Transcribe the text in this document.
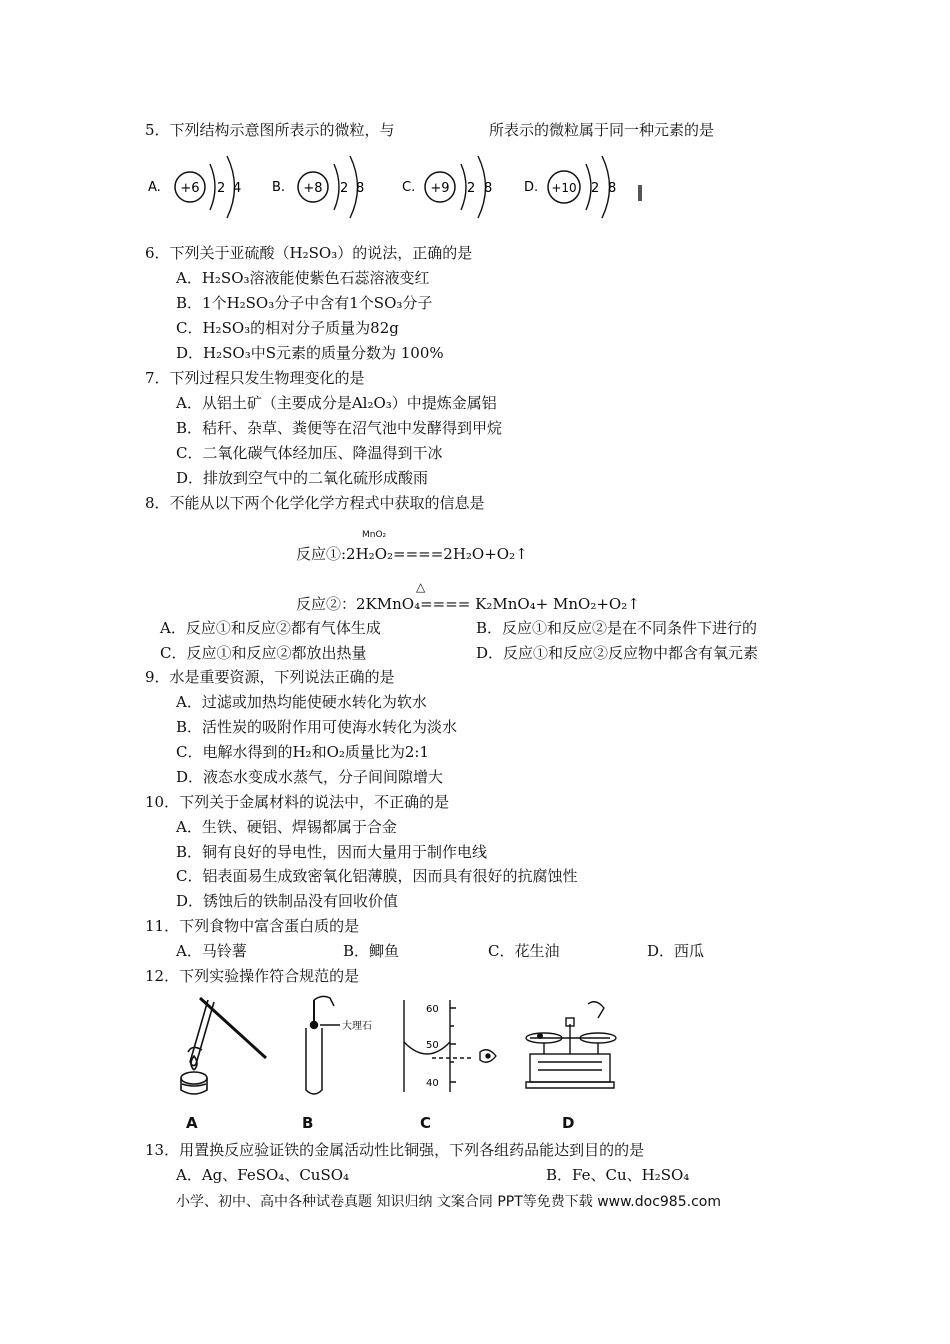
5．下列结构示意图所表示的微粒，与	所表示的微粒属于同一种元素的是
A. +6 2 4 B. +8 2 8	C. +9 2 8 D. +10 2 8
6．下列关于亚硫酸（H₂SO₃）的说法，正确的是
A．H₂SO₃溶液能使紫色石蕊溶液变红
B．1个H₂SO₃分子中含有1个SO₃分子
C．H₂SO₃的相对分子质量为82g
D．H₂SO₃中S元素的质量分数为 100%
7．下列过程只发生物理变化的是
A．从铝土矿（主要成分是Al₂O₃）中提炼金属铝
B．秸秆、杂草、粪便等在沼气池中发酵得到甲烷
C．二氧化碳气体经加压、降温得到干冰
D．排放到空气中的二氧化硫形成酸雨
8．不能从以下两个化学化学方程式中获取的信息是
MnO₂
反应①:2H₂O₂====2H₂O+O₂↑
△
反应②：2KMnO₄==== K₂MnO₄+ MnO₂+O₂↑
A．反应①和反应②都有气体生成	B．反应①和反应②是在不同条件下进行的
C．反应①和反应②都放出热量	D．反应①和反应②反应物中都含有氧元素
9．水是重要资源，下列说法正确的是
A．过滤或加热均能使硬水转化为软水
B．活性炭的吸附作用可使海水转化为淡水
C．电解水得到的H₂和O₂质量比为2:1
D．液态水变成水蒸气，分子间间隙增大
10．下列关于金属材料的说法中，不正确的是
A．生铁、硬铝、焊锡都属于合金
B．铜有良好的导电性，因而大量用于制作电线
C．铝表面易生成致密氧化铝薄膜，因而具有很好的抗腐蚀性
D．锈蚀后的铁制品没有回收价值
11．下列食物中富含蛋白质的是
A．马铃薯	B．鲫鱼	C．花生油	D．西瓜
12．下列实验操作符合规范的是
大理石
60
50
40
A	B	C	D
13．用置换反应验证铁的金属活动性比铜强，下列各组药品能达到目的的是
A．Ag、FeSO₄、CuSO₄	B．Fe、Cu、H₂SO₄
小学、初中、高中各种试卷真题 知识归纳 文案合同 PPT等免费下载 www.doc985.com
